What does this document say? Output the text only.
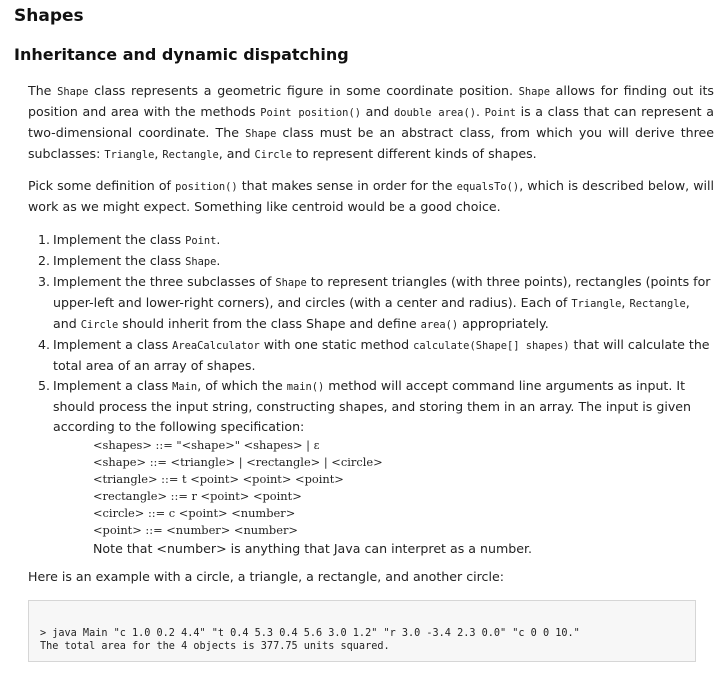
Shapes
Inheritance and dynamic dispatching

The Shape class represents a geometric figure in some coordinate position. Shape allows for finding out its position and area with the methods Point position() and double area(). Point is a class that can represent a two-dimensional coordinate. The Shape class must be an abstract class, from which you will derive three subclasses: Triangle, Rectangle, and Circle to represent different kinds of shapes.

Pick some definition of position() that makes sense in order for the equalsTo(), which is described below, will work as we might expect. Something like centroid would be a good choice.

1. Implement the class Point.
2. Implement the class Shape.
3. Implement the three subclasses of Shape to represent triangles (with three points), rectangles (points for upper-left and lower-right corners), and circles (with a center and radius). Each of Triangle, Rectangle, and Circle should inherit from the class Shape and define area() appropriately.
4. Implement a class AreaCalculator with one static method calculate(Shape[] shapes) that will calculate the total area of an array of shapes.
5. Implement a class Main, of which the main() method will accept command line arguments as input. It should process the input string, constructing shapes, and storing them in an array. The input is given according to the following specification:
<shapes> ::= "<shape>" <shapes> | ε
<shape> ::= <triangle> | <rectangle> | <circle>
<triangle> ::= t <point> <point> <point>
<rectangle> ::= r <point> <point>
<circle> ::= c <point> <number>
<point> ::= <number> <number>
Note that <number> is anything that Java can interpret as a number.

Here is an example with a circle, a triangle, a rectangle, and another circle:

> java Main "c 1.0 0.2 4.4" "t 0.4 5.3 0.4 5.6 3.0 1.2" "r 3.0 -3.4 2.3 0.0" "c 0 0 10."
The total area for the 4 objects is 377.75 units squared.
